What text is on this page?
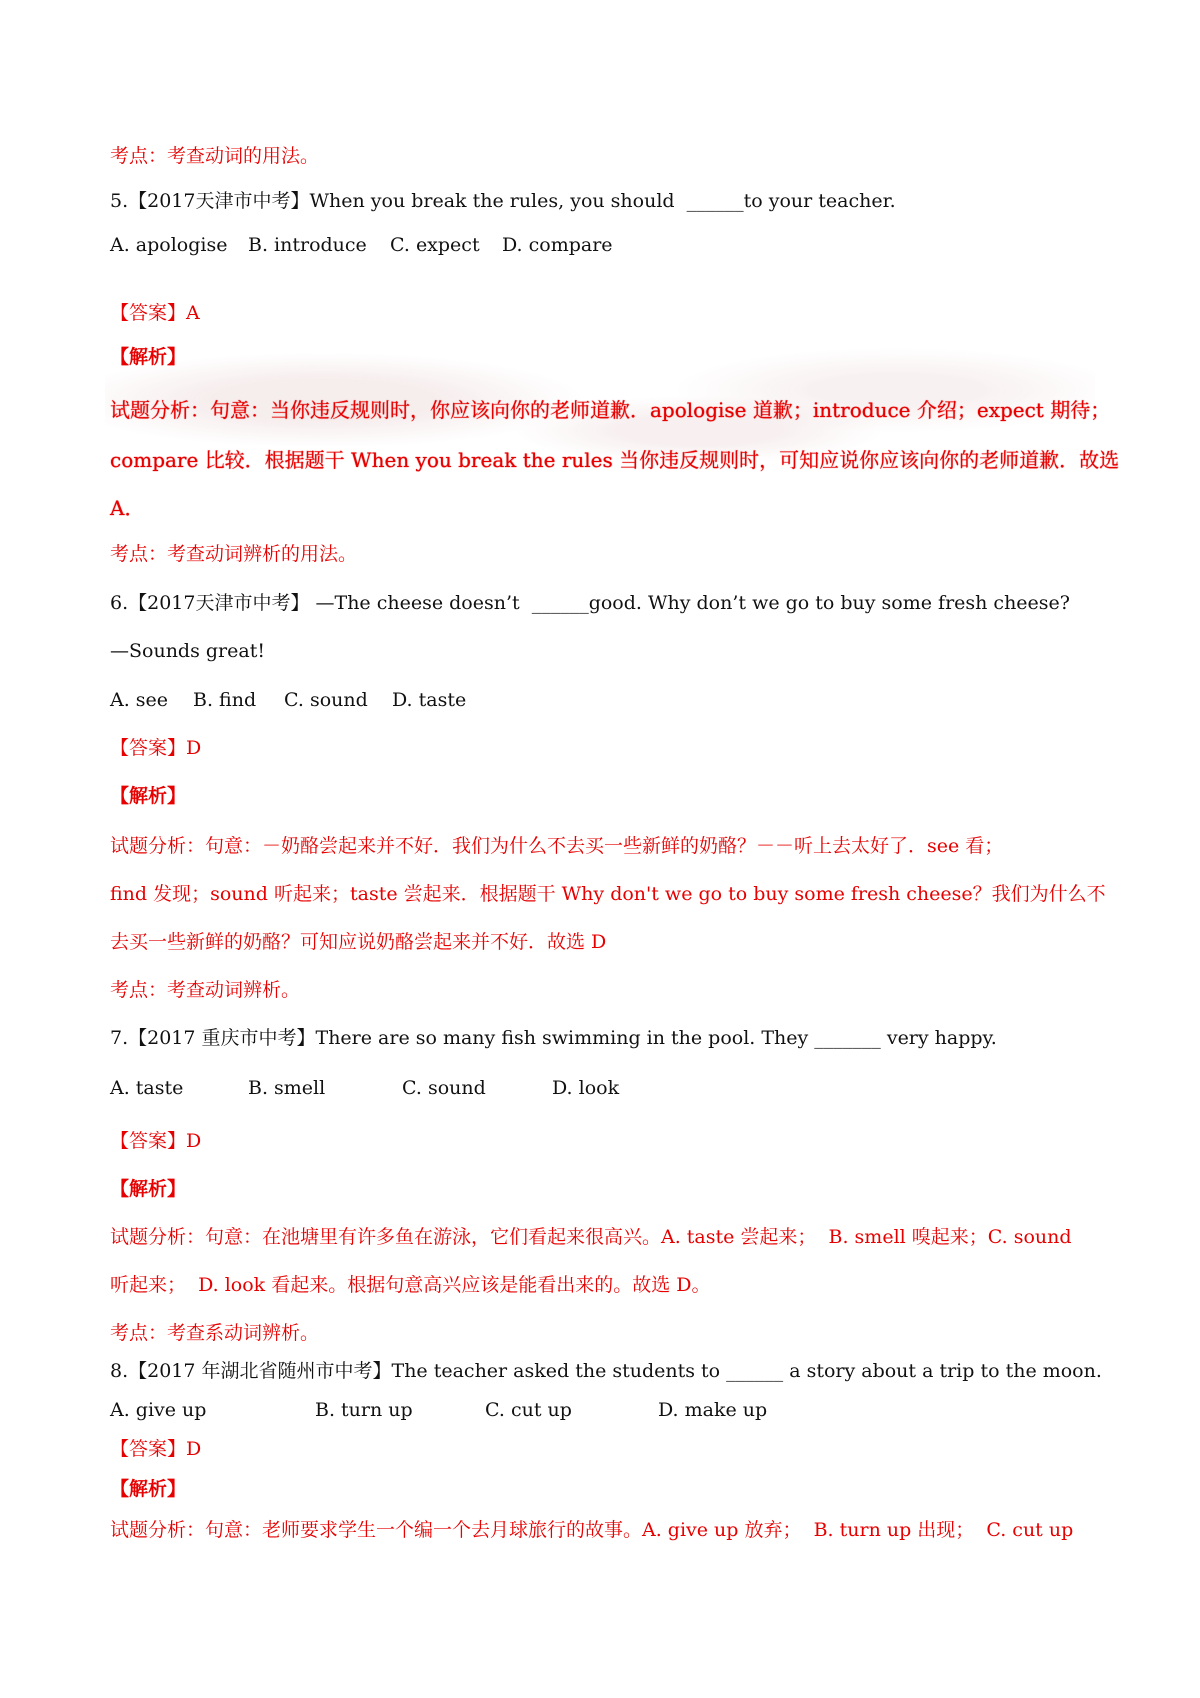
考点：考查动词的用法。
5.【2017天津市中考】When you break the rules, you should  ______to your teacher.
A. apologise B. introduce C. expect D. compare
【答案】A
【解析】
试题分析：句意：当你违反规则时，你应该向你的老师道歉．apologise 道歉；introduce 介绍；expect 期待；
compare 比较．根据题干 When you break the rules 当你违反规则时，可知应说你应该向你的老师道歉．故选
A．
考点：考查动词辨析的用法。
6.【2017天津市中考】 —The cheese doesn’t  ______good. Why don’t we go to buy some fresh cheese?
—Sounds great!
A. see B. find C. sound D. taste
【答案】D
【解析】
试题分析：句意：－奶酪尝起来并不好．我们为什么不去买一些新鲜的奶酪？－－听上去太好了．see 看；
find 发现；sound 听起来；taste 尝起来．根据题干 Why don't we go to buy some fresh cheese？我们为什么不
去买一些新鲜的奶酪？可知应说奶酪尝起来并不好．故选 D
考点：考查动词辨析。
7.【2017 重庆市中考】There are so many fish swimming in the pool. They _______ very happy.
A. taste	B. smell	C. sound	D. look
【答案】D
【解析】
试题分析：句意：在池塘里有许多鱼在游泳，它们看起来很高兴。A. taste 尝起来；  B. smell 嗅起来；C. sound
听起来；  D. look 看起来。根据句意高兴应该是能看出来的。故选 D。
考点：考查系动词辨析。
8.【2017 年湖北省随州市中考】The teacher asked the students to ______ a story about a trip to the moon.
A. give up	B. turn up	C. cut up	D. make up
【答案】D
【解析】
试题分析：句意：老师要求学生一个编一个去月球旅行的故事。A. give up 放弃；  B. turn up 出现；  C. cut up
